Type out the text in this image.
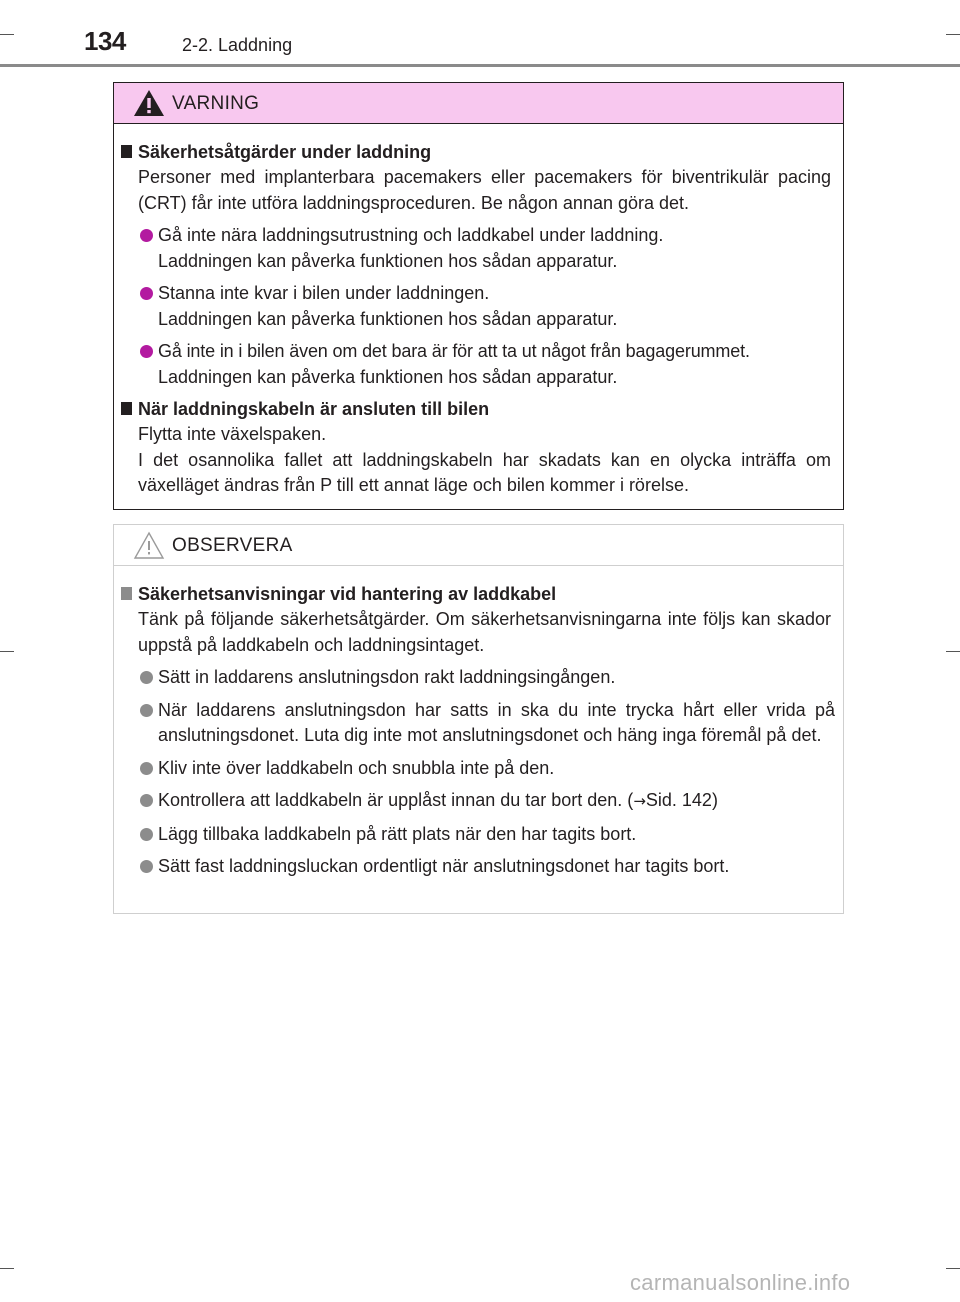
134	2-2. Laddning
VARNING
Säkerhetsåtgärder under laddning
Personer med implanterbara pacemakers eller pacemakers för biventrikulär pacing (CRT) får inte utföra laddningsproceduren. Be någon annan göra det.
Gå inte nära laddningsutrustning och laddkabel under laddning.
Laddningen kan påverka funktionen hos sådan apparatur.
Stanna inte kvar i bilen under laddningen.
Laddningen kan påverka funktionen hos sådan apparatur.
Gå inte in i bilen även om det bara är för att ta ut något från bagagerummet.
Laddningen kan påverka funktionen hos sådan apparatur.
När laddningskabeln är ansluten till bilen
Flytta inte växelspaken.
I det osannolika fallet att laddningskabeln har skadats kan en olycka inträffa om växelläget ändras från P till ett annat läge och bilen kommer i rörelse.
OBSERVERA
Säkerhetsanvisningar vid hantering av laddkabel
Tänk på följande säkerhetsåtgärder. Om säkerhetsanvisningarna inte följs kan skador uppstå på laddkabeln och laddningsintaget.
Sätt in laddarens anslutningsdon rakt laddningsingången.
När laddarens anslutningsdon har satts in ska du inte trycka hårt eller vrida på anslutningsdonet. Luta dig inte mot anslutningsdonet och häng inga föremål på det.
Kliv inte över laddkabeln och snubbla inte på den.
Kontrollera att laddkabeln är upplåst innan du tar bort den. (→Sid. 142)
Lägg tillbaka laddkabeln på rätt plats när den har tagits bort.
Sätt fast laddningsluckan ordentligt när anslutningsdonet har tagits bort.
carmanualsonline.info
